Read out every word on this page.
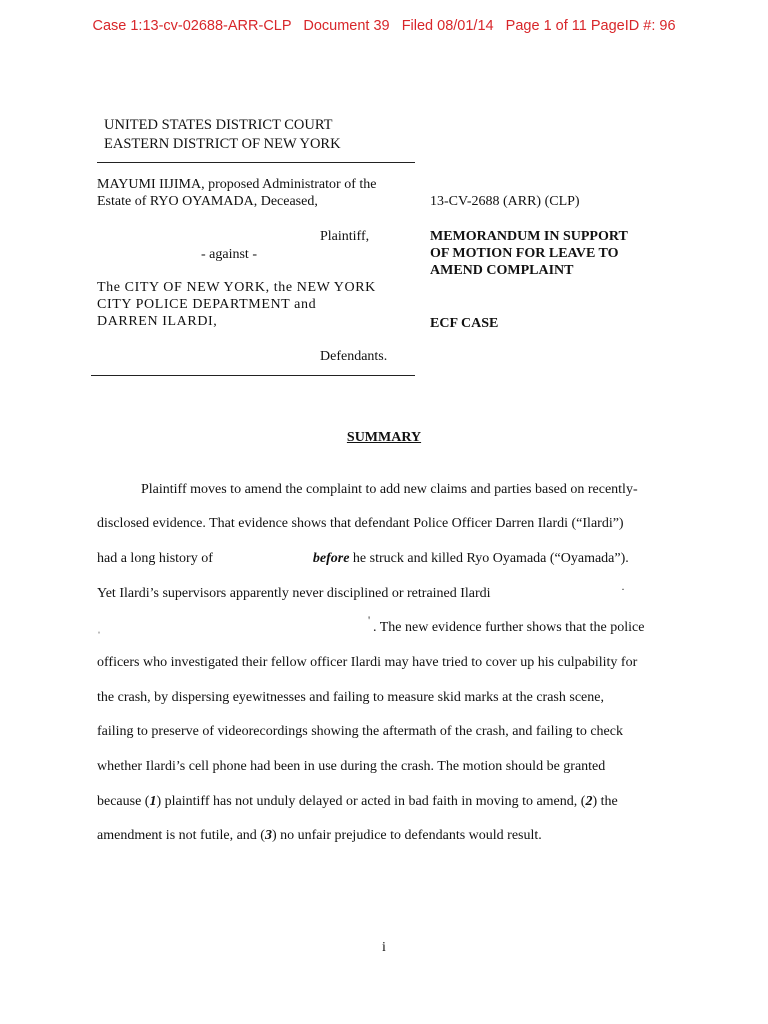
Case 1:13-cv-02688-ARR-CLP   Document 39   Filed 08/01/14   Page 1 of 11 PageID #: 96
UNITED STATES DISTRICT COURT
EASTERN DISTRICT OF NEW YORK
MAYUMI IIJIMA, proposed Administrator of the
Estate of RYO OYAMADA, Deceased,
Plaintiff,
- against -
The CITY OF NEW YORK, the NEW YORK
CITY POLICE DEPARTMENT and
DARREN ILARDI,
Defendants.
13-CV-2688 (ARR) (CLP)
MEMORANDUM IN SUPPORT
OF MOTION FOR LEAVE TO
AMEND COMPLAINT
ECF CASE
SUMMARY
Plaintiff moves to amend the complaint to add new claims and parties based on recently-
disclosed evidence. That evidence shows that defendant Police Officer Darren Ilardi (“Ilardi”)
had a long history of	before he struck and killed Ryo Oyamada (“Oyamada”).
Yet Ilardi’s supervisors apparently never disciplined or retrained Ilardi	·
ˌ	' . The new evidence further shows that the police
officers who investigated their fellow officer Ilardi may have tried to cover up his culpability for
the crash, by dispersing eyewitnesses and failing to measure skid marks at the crash scene,
failing to preserve of videorecordings showing the aftermath of the crash, and failing to check
whether Ilardi’s cell phone had been in use during the crash. The motion should be granted
because (1) plaintiff has not unduly delayed or acted in bad faith in moving to amend, (2) the
amendment is not futile, and (3) no unfair prejudice to defendants would result.
i
